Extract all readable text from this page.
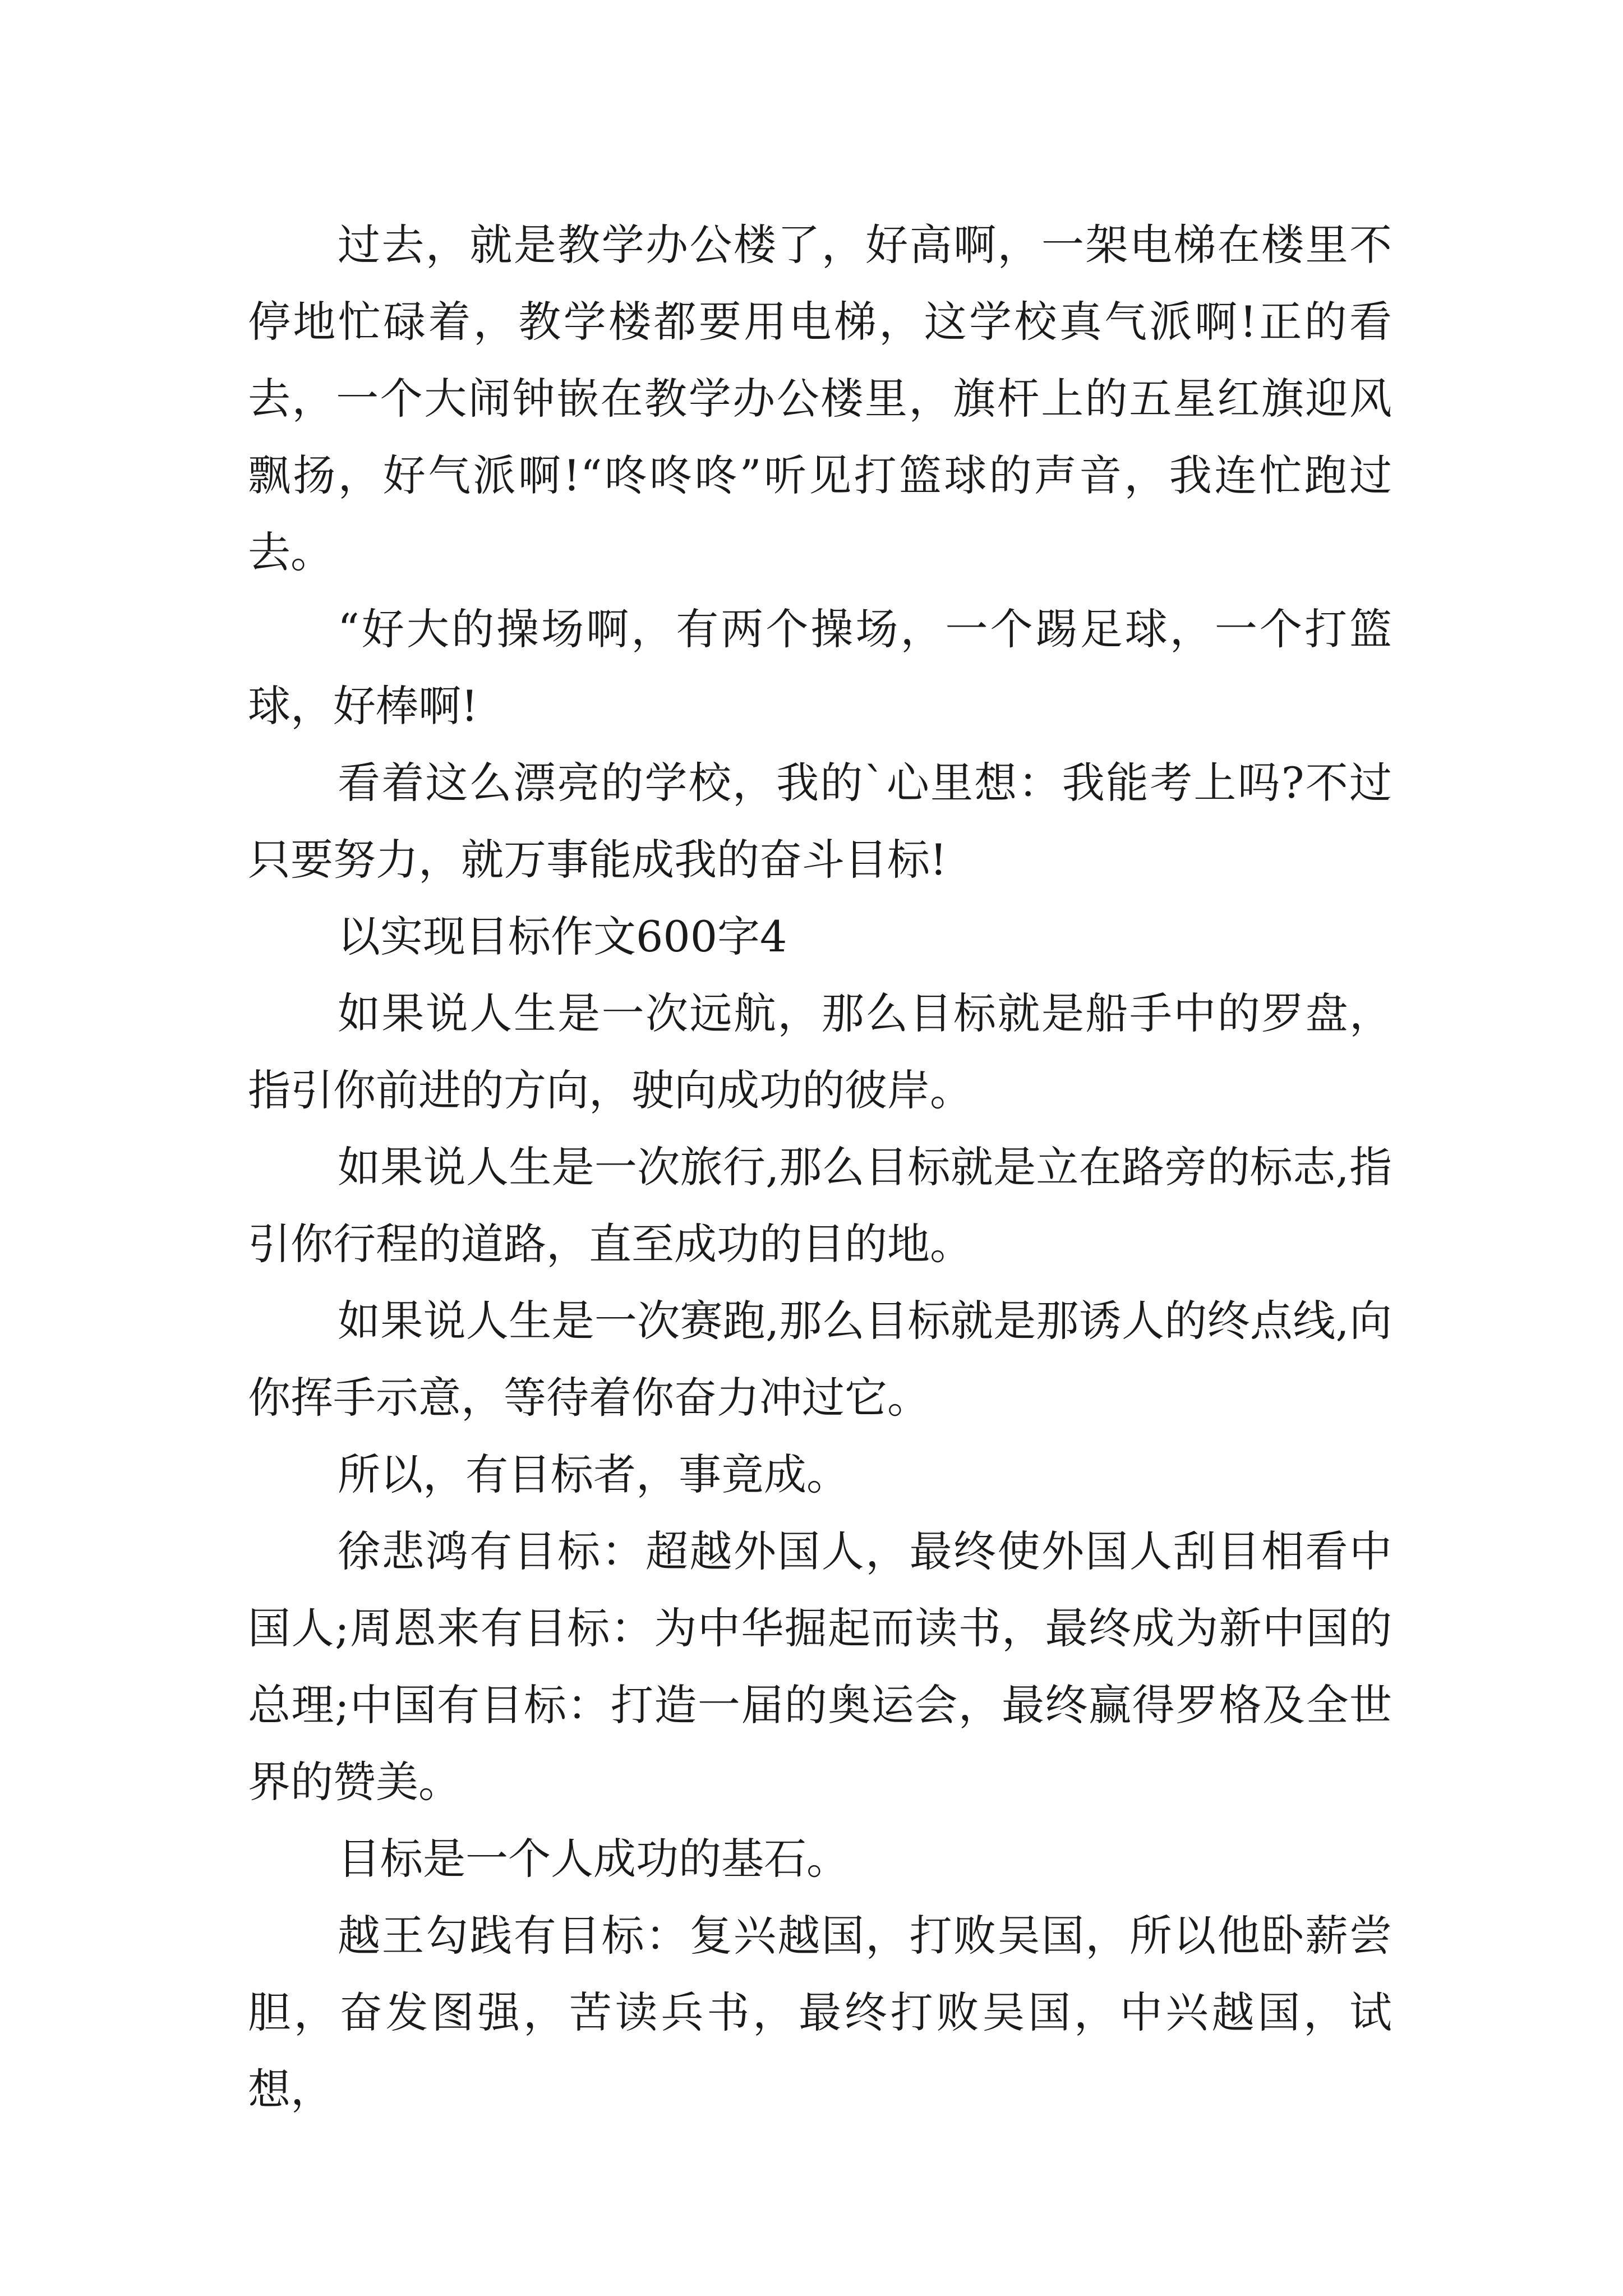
过去，就是教学办公楼了，好高啊，一架电梯在楼里不停地忙碌着，教学楼都要用电梯，这学校真气派啊!正的看去，一个大闹钟嵌在教学办公楼里，旗杆上的五星红旗迎风飘扬，好气派啊!“咚咚咚”听见打篮球的声音，我连忙跑过去。

“好大的操场啊，有两个操场，一个踢足球，一个打篮球，好棒啊!

看着这么漂亮的学校，我的`心里想：我能考上吗?不过只要努力，就万事能成我的奋斗目标!

以实现目标作文600字4

如果说人生是一次远航，那么目标就是船手中的罗盘，指引你前进的方向，驶向成功的彼岸。

如果说人生是一次旅行,那么目标就是立在路旁的标志,指引你行程的道路，直至成功的目的地。

如果说人生是一次赛跑,那么目标就是那诱人的终点线,向你挥手示意，等待着你奋力冲过它。

所以，有目标者，事竟成。

徐悲鸿有目标：超越外国人，最终使外国人刮目相看中国人;周恩来有目标：为中华掘起而读书，最终成为新中国的总理;中国有目标：打造一届的奥运会，最终赢得罗格及全世界的赞美。

目标是一个人成功的基石。

越王勾践有目标：复兴越国，打败吴国，所以他卧薪尝胆，奋发图强，苦读兵书，最终打败吴国，中兴越国，试想，
